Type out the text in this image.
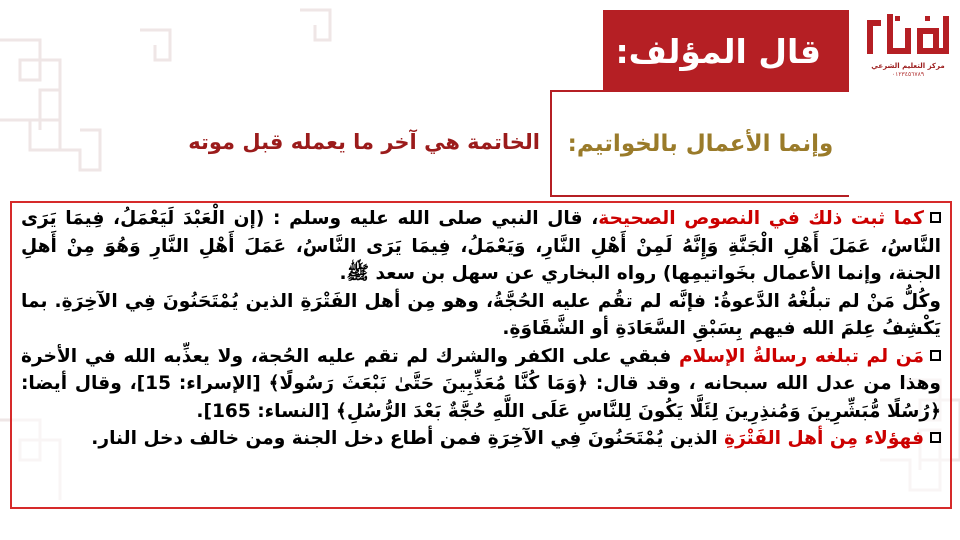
مركز التعليم الشرعي
٠١٢٣٤٥٦٧٨٩
قال المؤلف:
وإنما الأعمال بالخواتيم:
الخاتمة هي آخر ما يعمله قبل موته

كما ثبت ذلك في النصوص الصحيحة، قال النبي صلى الله عليه وسلم : (إن الْعَبْدَ لَيَعْمَلُ، فِيمَا يَرَى النَّاسُ، عَمَلَ أَهْلِ الْجَنَّةِ وَإِنَّهُ لَمِنْ أَهْلِ النَّارِ، وَيَعْمَلُ، فِيمَا يَرَى النَّاسُ، عَمَلَ أَهْلِ النَّارِ وَهُوَ مِنْ أَهلِ الجنة، وإنما الأعمال بخَواتيمِها) رواه البخاري عن سهل بن سعد ﷺ.

وكُلُّ مَنْ لم تبلُغْهُ الدَّعوةُ: فإنَّه لم تقُم عليه الحُجَّةُ، وهو مِن أهل الفَتْرَةِ الذين يُمْتَحَنُونَ فِي الآخِرَةِ. بما يَكْشِفُ عِلمَ الله فيهم بِسَبْقِ السَّعَادَةِ أو الشَّقَاوَةِ.

مَن لم تبلغه رسالةُ الإسلام فبقي على الكفر والشرك لم تقم عليه الحُجة، ولا يعذِّبه الله في الأخرة وهذا من عدل الله سبحانه ، وقد قال: ﴿وَمَا كُنَّا مُعَذِّبِينَ حَتَّىٰ نَبْعَثَ رَسُولًا﴾ [الإسراء: 15]، وقال أيضا: ﴿رُسُلًا مُّبَشِّرِينَ وَمُنذِرِينَ لِئَلَّا يَكُونَ لِلنَّاسِ عَلَى اللَّهِ حُجَّةٌ بَعْدَ الرُّسُلِ﴾ [النساء: 165].

فهؤلاء مِن أهل الفَتْرَةِ الذين يُمْتَحَنُونَ فِي الآخِرَةِ فمن أطاع دخل الجنة ومن خالف دخل النار.
